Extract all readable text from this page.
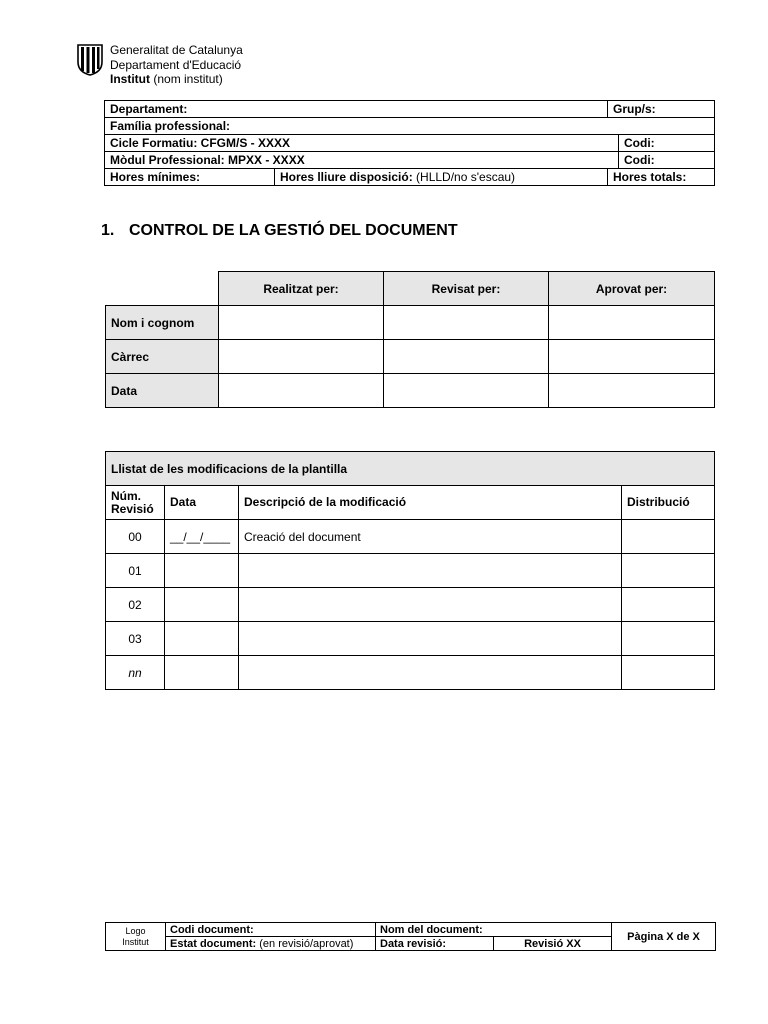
Generalitat de Catalunya
Departament d'Educació
Institut (nom institut)
Departament:		Grup/s:	
Família professional:			
Cicle Formatiu: CFGM/S - XXXX			Codi:
Mòdul Professional: MPXX - XXXX			Codi:
Hores mínimes:	Hores lliure disposició: (HLLD/no s'escau)	Hores totals:	
1. CONTROL DE LA GESTIÓ DEL DOCUMENT
	Realitzat per:	Revisat per:	Aprovat per:
Nom i cognom			
Càrrec			
Data			
Llistat de les modificacions de la plantilla			

Núm.
Revisió	Data	Descripció de la modificació	Distribució
00	__/__/____	Creació del document	
01			
02			
03			
nn			
Logo
Institut	Codi document:	Nom del document:		Pàgina X de X
	Estat document: (en revisió/aprovat)	Data revisió:	Revisió XX	
